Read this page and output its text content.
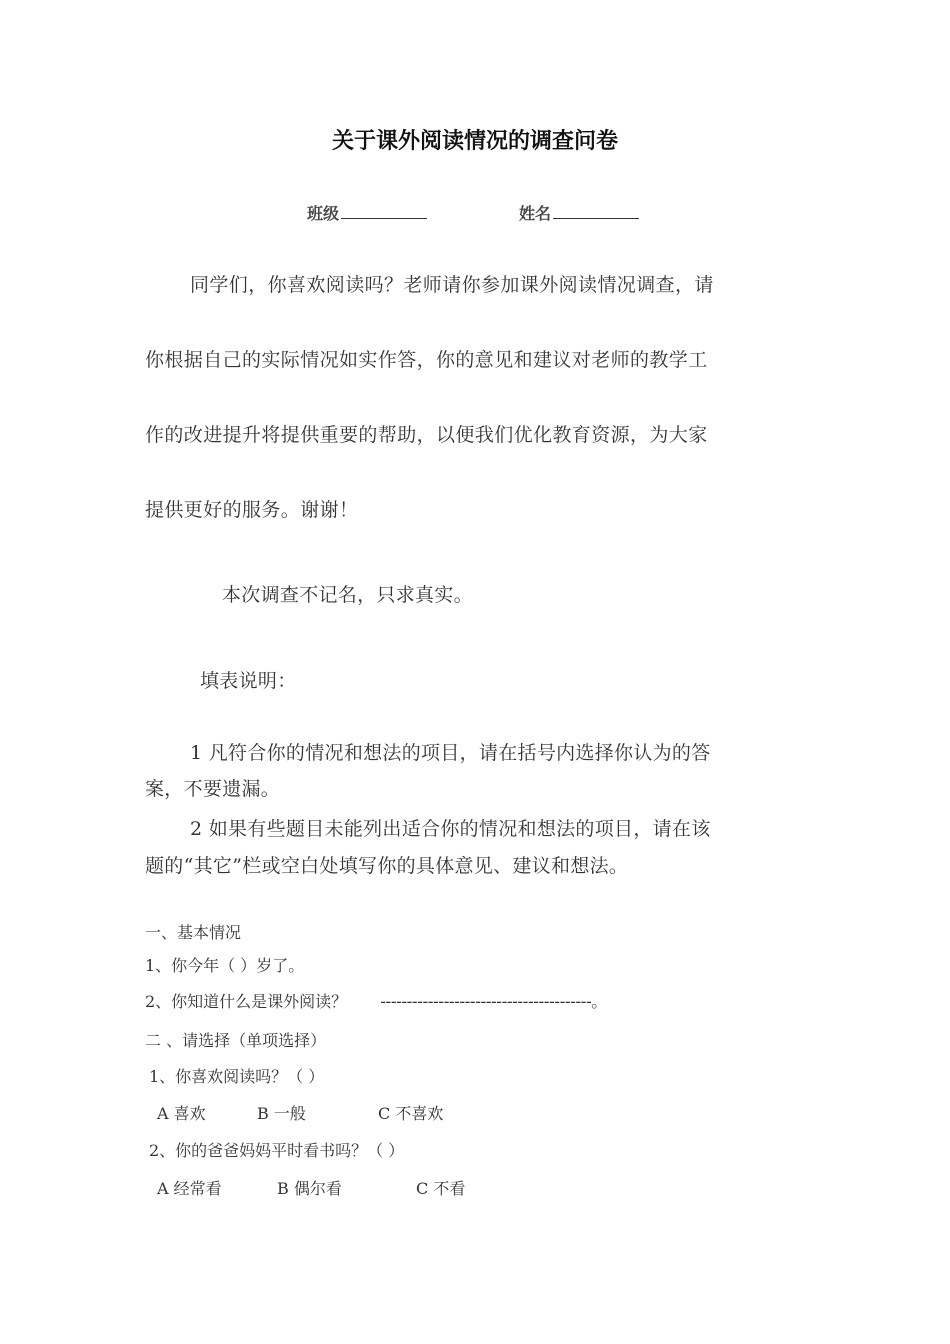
关于课外阅读情况的调查问卷
班级	姓名
同学们，你喜欢阅读吗？老师请你参加课外阅读情况调查，请
你根据自己的实际情况如实作答，你的意见和建议对老师的教学工
作的改进提升将提供重要的帮助，以便我们优化教育资源，为大家
提供更好的服务。谢谢！
本次调查不记名，只求真实。
填表说明：
1 凡符合你的情况和想法的项目，请在括号内选择你认为的答
案，不要遗漏。
2 如果有些题目未能列出适合你的情况和想法的项目，请在该
题的“其它”栏或空白处填写你的具体意见、建议和想法。
一、基本情况
1、你今年（ ）岁了。
2、你知道什么是课外阅读？ ----------------------------------------。
二 、请选择（单项选择）
1、你喜欢阅读吗？（ ）
A 喜欢	B 一般	C 不喜欢
2、你的爸爸妈妈平时看书吗？（ ）
A 经常看	B 偶尔看	C 不看
